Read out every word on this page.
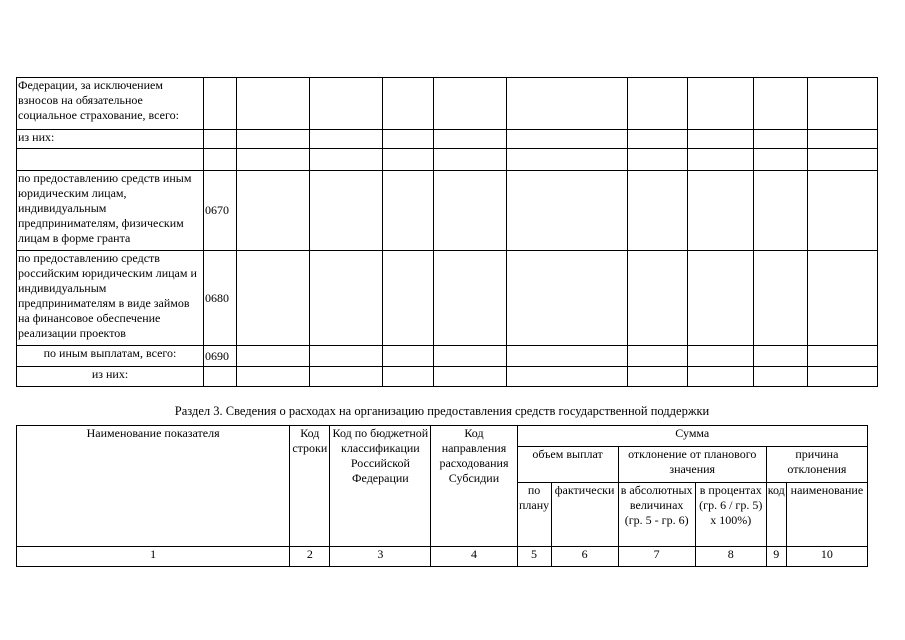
Федерации, за исключением взносов на обязательное социальное страхование, всего:										
из них:										

по предоставлению средств иным юридическим лицам, индивидуальным предпринимателям, физическим лицам в форме гранта	0670									
по предоставлению средств российским юридическим лицам и индивидуальным предпринимателям в виде займов на финансовое обеспечение реализации проектов	0680									
по иным выплатам, всего:	0690									
из них:										
Раздел 3. Сведения о расходах на организацию предоставления средств государственной поддержки
Наименование показателя	Код строки	Код по бюджетной классификации Российской Федерации	Код направления расходования Субсидии	Сумма					
				объем выплат		отклонение от планового значения		причина отклонения	
				по плану	фактически	в абсолютных величинах (гр. 5 - гр. 6)	в процентах (гр. 6 / гр. 5) x 100%)	код	наименование
1	2	3	4	5	6	7	8	9	10
